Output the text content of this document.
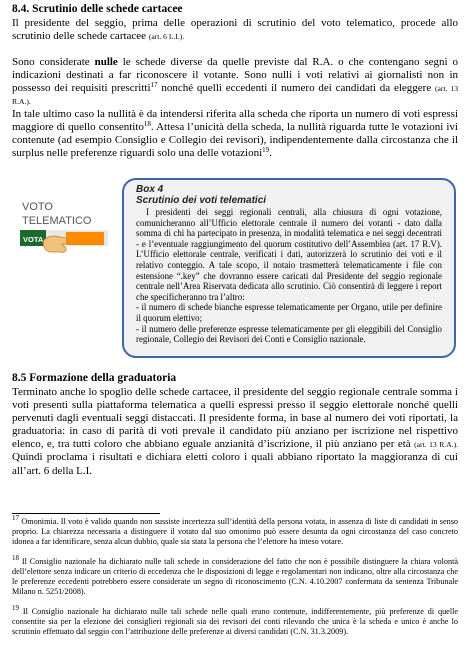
8.4. Scrutinio delle schede cartacee

Il presidente del seggio, prima delle operazioni di scrutinio del voto telematico, procede allo scrutinio delle schede cartacee (art. 6 L.I.).

Sono considerate nulle le schede diverse da quelle previste dal R.A. o che contengano segni o indicazioni destinati a far riconoscere il votante. Sono nulli i voti relativi ai giornalisti non in possesso dei requisiti prescritti$^{17}$ nonché quelli eccedenti il numero dei candidati da eleggere (art. 13 R.A.).

In tale ultimo caso la nullità è da intendersi riferita alla scheda che riporta un numero di voti espressi maggiore di quello consentito$^{18}$. Attesa l’unicità della scheda, la nullità riguarda tutte le votazioni ivi contenute (ad esempio Consiglio e Collegio dei revisori), indipendentemente dalla circostanza che il surplus nelle preferenze riguardi solo una delle votazioni$^{19}$.

VOTO
TELEMATICO
VOTA
Box 4
Scrutinio dei voti telematici

I presidenti dei seggi regionali centrali, alla chiusura di ogni votazione, comunicheranno all’Ufficio elettorale centrale il numero dei votanti - dato dalla somma di chi ha partecipato in presenza, in modalità telematica e nei seggi decentrati - e l’eventuale raggiungimento del quorum costitutivo dell’Assemblea (art. 17 R.V). L’Ufficio elettorale centrale, verificati i dati, autorizzerà lo scrutinio dei voti e il relativo conteggio. A tale scopo, il notaio trasmetterà telematicamente i file con estensione “.key” che dovranno essere caricati dal Presidente del seggio regionale centrale nell’Area Riservata dedicata allo scrutinio. Ciò consentirà di leggere i report che specificheranno tra l’altro:

- il numero di schede bianche espresse telematicamente per Organo, utile per definire il quorum elettivo;

- il numero delle preferenze espresse telematicamente per gli eleggibili del Consiglio regionale, Collegio dei Revisori dei Conti e Consiglio nazionale.

8.5 Formazione della graduatoria

Terminato anche lo spoglio delle schede cartacee, il presidente del seggio regionale centrale somma i voti presenti sulla piattaforma telematica a quelli espressi presso il seggio elettorale nonché quelli pervenuti dagli eventuali seggi distaccati. Il presidente forma, in base al numero dei voti riportati, la graduatoria: in caso di parità di voti prevale il candidato più anziano per iscrizione nel rispettivo elenco, e, tra tutti coloro che abbiano eguale anzianità d’iscrizione, il più anziano per età (art. 13 R.A.). Quindi proclama i risultati e dichiara eletti coloro i quali abbiano riportato la maggioranza di cui all’art. 6 della L.I.

$^{17}$ Omonimia. Il voto è valido quando non sussiste incertezza sull’identità della persona votata, in assenza di liste di candidati in senso proprio. La chiarezza necessaria a distinguere il votato dal suo omonimo può essere desunta da ogni circostanza del caso concreto idonea a far identificare, senza alcun dubbio, quale sia stata la persona che l’elettore ha inteso votare.

$^{18}$ Il Consiglio nazionale ha dichiarato nulle tali schede in considerazione del fatto che non è possibile distinguere la chiara volontà dell’elettore senza indicare un criterio di eccedenza che le disposizioni di legge e regolamentari non indicano, oltre alla circostanza che le preferenze eccedenti potrebbero essere considerate un segno di riconoscimento (C.N. 4.10.2007 confermata da sentenza Tribunale Milano n. 5251/2008).

$^{19}$ Il Consiglio nazionale ha dichiarato nulle tali schede nelle quali erano contenute, indifferentemente, più preferenze di quelle consentite sia per la elezione dei consiglieri regionali sia dei revisori dei conti rilevando che unica è la scheda e unico è anche lo scrutinio effettuato dal seggio con l’attribuzione delle preferenze ai diversi candidati (C.N. 31.3.2009).
